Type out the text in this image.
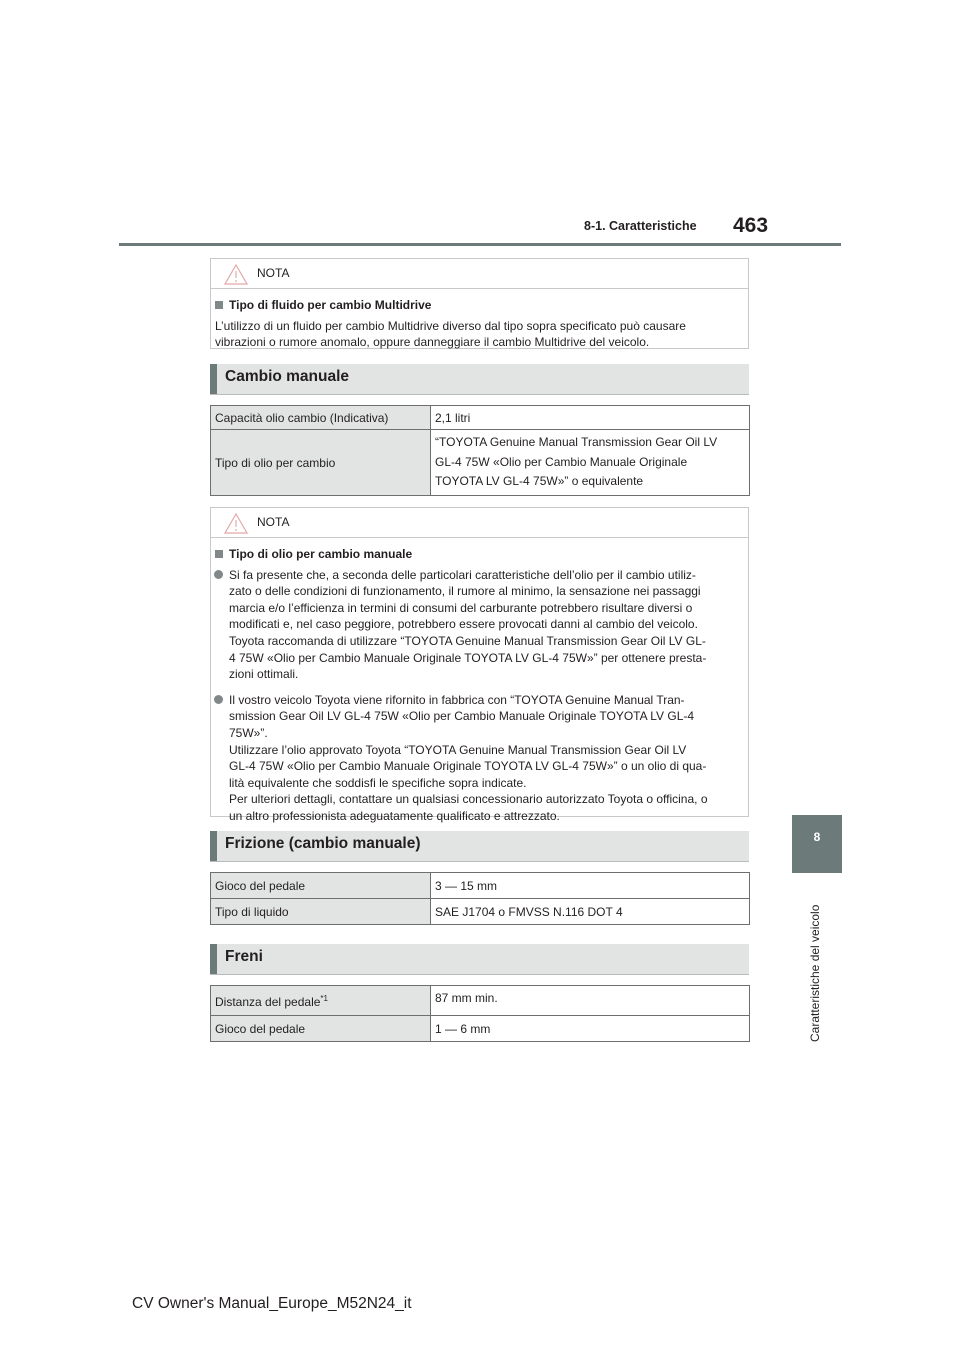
8-1. Caratteristiche 463
8
Caratteristiche del veicolo
NOTA
Tipo di fluido per cambio Multidrive
L’utilizzo di un fluido per cambio Multidrive diverso dal tipo sopra specificato può causare
vibrazioni o rumore anomalo, oppure danneggiare il cambio Multidrive del veicolo.
Cambio manuale
Capacità olio cambio (Indicativa)	2,1 litri
Tipo di olio per cambio	“TOYOTA Genuine Manual Transmission Gear Oil LV
GL-4 75W «Olio per Cambio Manuale Originale
TOYOTA LV GL-4 75W»” o equivalente
NOTA
Tipo di olio per cambio manuale
Si fa presente che, a seconda delle particolari caratteristiche dell’olio per il cambio utiliz-
zato o delle condizioni di funzionamento, il rumore al minimo, la sensazione nei passaggi
marcia e/o l’efficienza in termini di consumi del carburante potrebbero risultare diversi o
modificati e, nel caso peggiore, potrebbero essere provocati danni al cambio del veicolo.
Toyota raccomanda di utilizzare “TOYOTA Genuine Manual Transmission Gear Oil LV GL-
4 75W «Olio per Cambio Manuale Originale TOYOTA LV GL-4 75W»” per ottenere presta-
zioni ottimali.
Il vostro veicolo Toyota viene rifornito in fabbrica con “TOYOTA Genuine Manual Tran-
smission Gear Oil LV GL-4 75W «Olio per Cambio Manuale Originale TOYOTA LV GL-4
75W»”.
Utilizzare l’olio approvato Toyota “TOYOTA Genuine Manual Transmission Gear Oil LV
GL-4 75W «Olio per Cambio Manuale Originale TOYOTA LV GL-4 75W»” o un olio di qua-
lità equivalente che soddisfi le specifiche sopra indicate.
Per ulteriori dettagli, contattare un qualsiasi concessionario autorizzato Toyota o officina, o
un altro professionista adeguatamente qualificato e attrezzato.
Frizione (cambio manuale)
Gioco del pedale	3 — 15 mm
Tipo di liquido	SAE J1704 o FMVSS N.116 DOT 4
Freni
Distanza del pedale$^{*1}$	87 mm min.
Gioco del pedale	1 — 6 mm
CV Owner's Manual_Europe_M52N24_it
